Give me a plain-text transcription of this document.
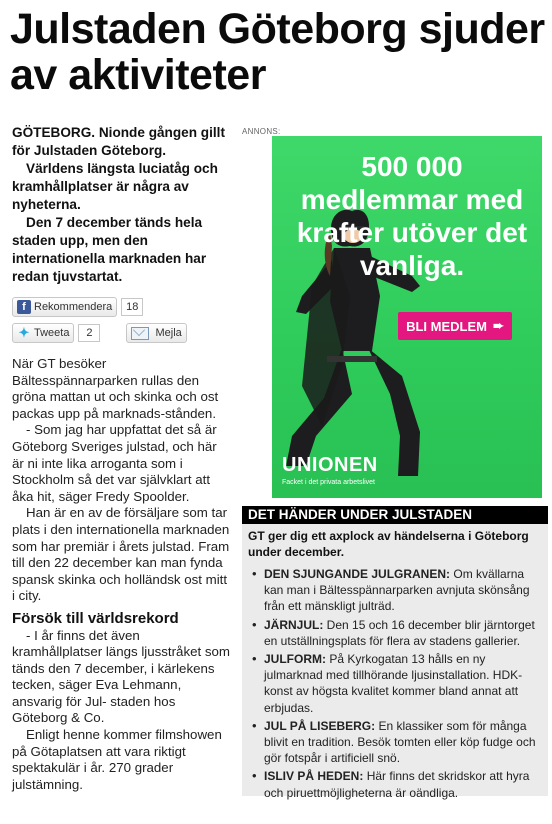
Julstaden Göteborg sjuder av aktiviteter

GÖTEBORG. Nionde gången gillt för Julstaden Göteborg.

Världens längsta luciatåg och kramhållplatser är några av nyheterna.

Den 7 december tänds hela staden upp, men den internationella marknaden har redan tjuvstartat.

f Rekommendera	18
✦ Tweeta	2	Mejla

När GT besöker Bältesspännarparken rullas den gröna mattan ut och skinka och ost packas upp på marknads-stånden.

- Som jag har uppfattat det så är Göteborg Sveriges julstad, och här är ni inte lika arroganta som i Stockholm så det var självklart att åka hit, säger Fredy Spoolder.

Han är en av de försäljare som tar plats i den internationella marknaden som har premiär i årets julstad. Fram till den 22 december kan man fynda spansk skinka och holländsk ost mitt i city.

Försök till världsrekord

- I år finns det även kramhållplatser längs ljusstråket som tänds den 7 december, i kärlekens tecken, säger Eva Lehmann, ansvarig för Jul- staden hos Göteborg & Co.

Enligt henne kommer filmshowen på Götaplatsen att vara riktigt spektakulär i år. 270 grader julstämning.

ANNONS:
500 000 medlemmar med krafter utöver det vanliga.
BLI MEDLEM ➨
UNIONEN
Facket i det privata arbetslivet
DET HÄNDER UNDER JULSTADEN
GT ger dig ett axplock av händelserna i Göteborg under december.
• DEN SJUNGANDE JULGRANEN: Om kvällarna kan man i Bältesspännarparken avnjuta skönsång från ett mänskligt julträd.
• JÄRNJUL: Den 15 och 16 december blir järntorget en utställningsplats för flera av stadens gallerier.
• JULFORM: På Kyrkogatan 13 hålls en ny julmarknad med tillhörande ljusinstallation. HDK-konst av högsta kvalitet kommer bland annat att erbjudas.
• JUL PÅ LISEBERG: En klassiker som för många blivit en tradition. Besök tomten eller köp fudge och gör fotspår i artificiell snö.
• ISLIV PÅ HEDEN: Här finns det skridskor att hyra och piruettmöjligheterna är oändliga.
